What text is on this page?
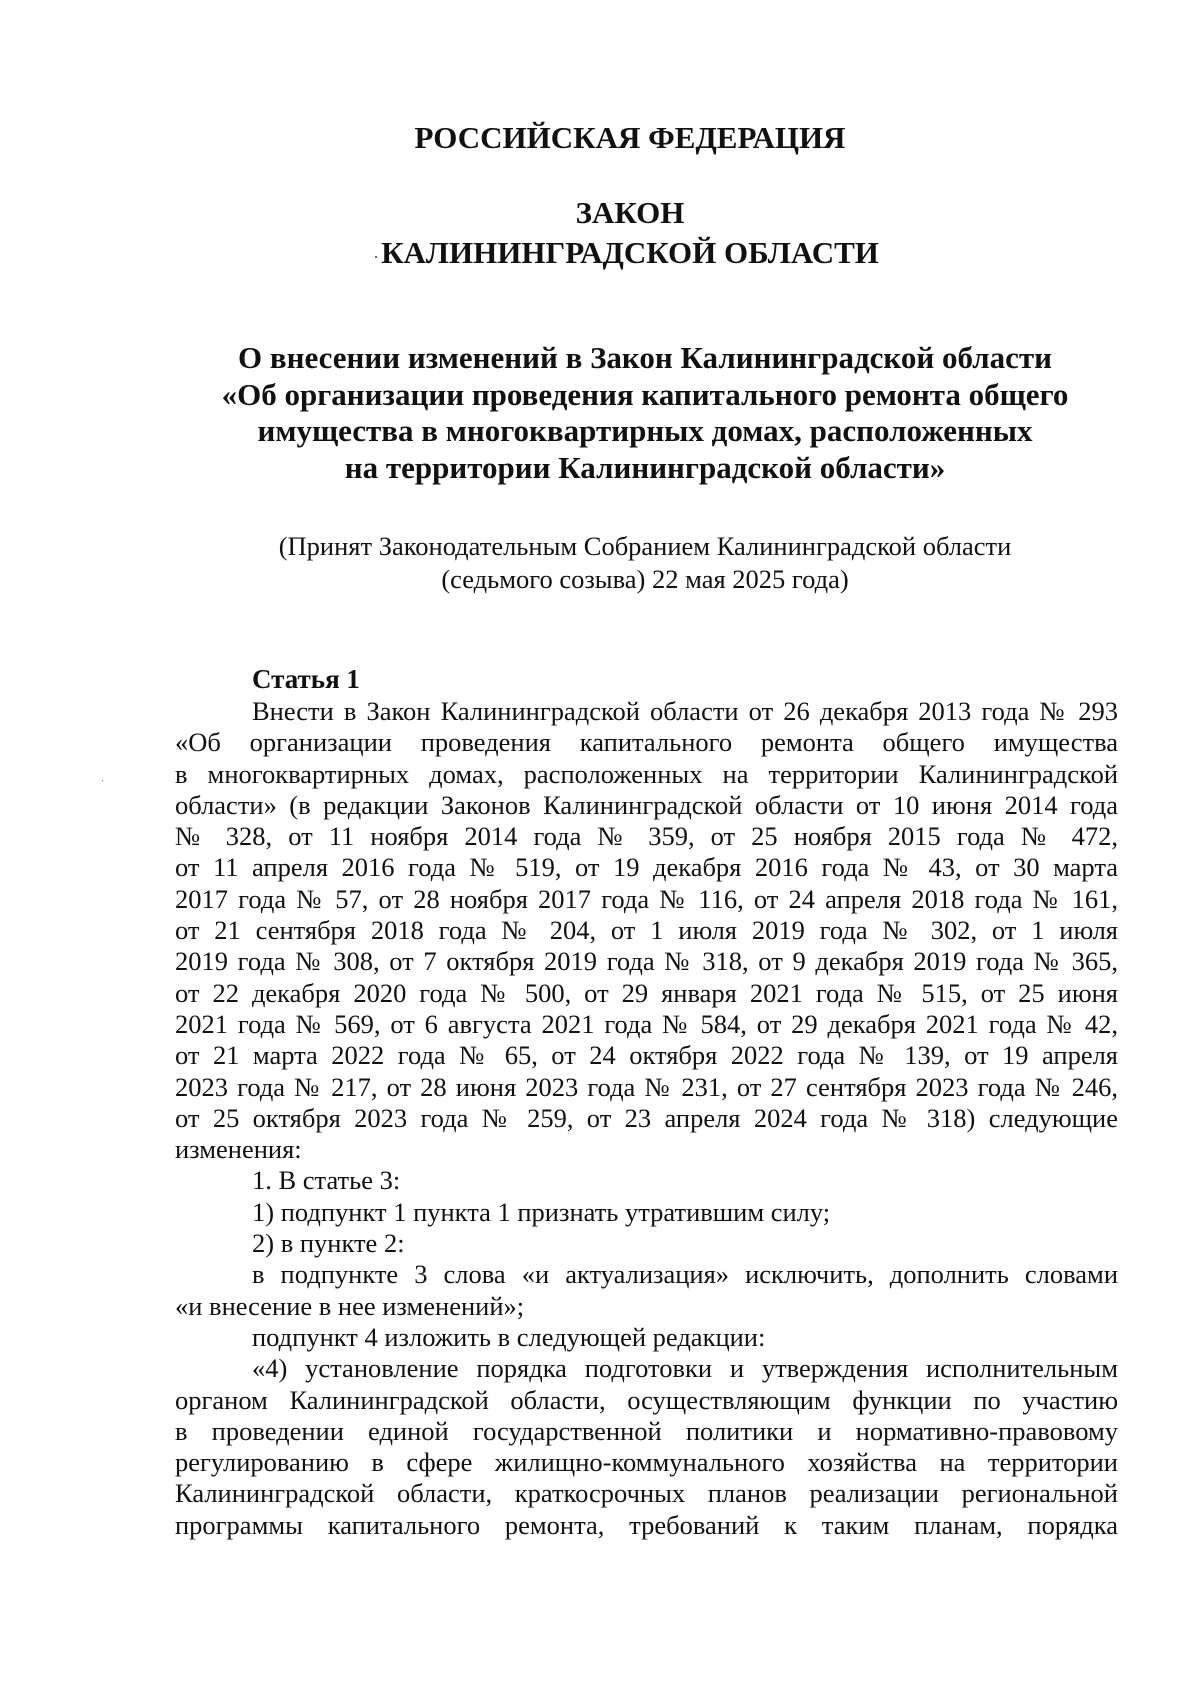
РОССИЙСКАЯ ФЕДЕРАЦИЯ
ЗАКОН
КАЛИНИНГРАДСКОЙ ОБЛАСТИ
О внесении изменений в Закон Калининградской области
«Об организации проведения капитального ремонта общего
имущества в многоквартирных домах, расположенных
на территории Калининградской области»
(Принят Законодательным Собранием Калининградской области
(седьмого созыва) 22 мая 2025 года)
Статья 1
Внести в Закон Калининградской области от 26 декабря 2013 года № 293
«Об организации проведения капитального ремонта общего имущества
в многоквартирных домах, расположенных на территории Калининградской
области» (в редакции Законов Калининградской области от 10 июня 2014 года
№ 328, от 11 ноября 2014 года № 359, от 25 ноября 2015 года № 472,
от 11 апреля 2016 года № 519, от 19 декабря 2016 года № 43, от 30 марта
2017 года № 57, от 28 ноября 2017 года № 116, от 24 апреля 2018 года № 161,
от 21 сентября 2018 года № 204, от 1 июля 2019 года № 302, от 1 июля
2019 года № 308, от 7 октября 2019 года № 318, от 9 декабря 2019 года № 365,
от 22 декабря 2020 года № 500, от 29 января 2021 года № 515, от 25 июня
2021 года № 569, от 6 августа 2021 года № 584, от 29 декабря 2021 года № 42,
от 21 марта 2022 года № 65, от 24 октября 2022 года № 139, от 19 апреля
2023 года № 217, от 28 июня 2023 года № 231, от 27 сентября 2023 года № 246,
от 25 октября 2023 года № 259, от 23 апреля 2024 года № 318) следующие
изменения:
1. В статье 3:
1) подпункт 1 пункта 1 признать утратившим силу;
2) в пункте 2:
в подпункте 3 слова «и актуализация» исключить, дополнить словами
«и внесение в нее изменений»;
подпункт 4 изложить в следующей редакции:
«4) установление порядка подготовки и утверждения исполнительным
органом Калининградской области, осуществляющим функции по участию
в проведении единой государственной политики и нормативно-правовому
регулированию в сфере жилищно-коммунального хозяйства на территории
Калининградской области, краткосрочных планов реализации региональной
программы капитального ремонта, требований к таким планам, порядка
